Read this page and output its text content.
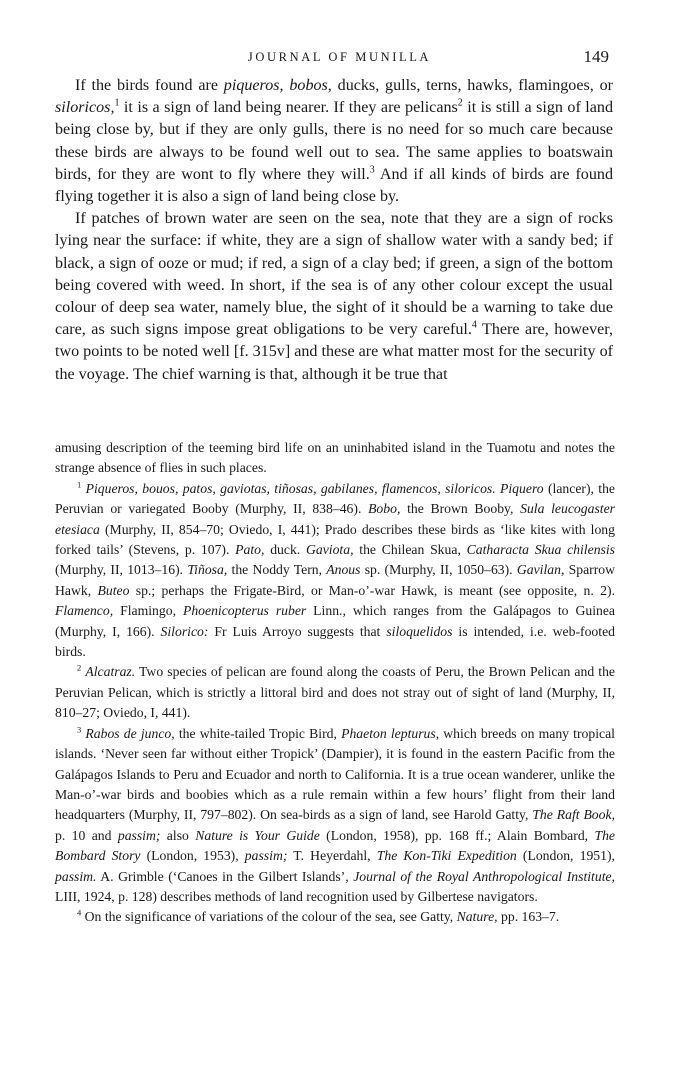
JOURNAL OF MUNILLA	149

If the birds found are piqueros, bobos, ducks, gulls, terns, hawks, flamingoes, or siloricos,$^1$ it is a sign of land being nearer. If they are pelicans$^2$ it is still a sign of land being close by, but if they are only gulls, there is no need for so much care because these birds are always to be found well out to sea. The same applies to boatswain birds, for they are wont to fly where they will.$^3$ And if all kinds of birds are found flying together it is also a sign of land being close by.

If patches of brown water are seen on the sea, note that they are a sign of rocks lying near the surface: if white, they are a sign of shallow water with a sandy bed; if black, a sign of ooze or mud; if red, a sign of a clay bed; if green, a sign of the bottom being covered with weed. In short, if the sea is of any other colour except the usual colour of deep sea water, namely blue, the sight of it should be a warning to take due care, as such signs impose great obligations to be very careful.$^4$ There are, however, two points to be noted well [f. 315v] and these are what matter most for the security of the voyage. The chief warning is that, although it be true that

amusing description of the teeming bird life on an uninhabited island in the Tuamotu and notes the strange absence of flies in such places.

$^1$ Piqueros, bouos, patos, gaviotas, tiñosas, gabilanes, flamencos, siloricos. Piquero (lancer), the Peruvian or variegated Booby (Murphy, II, 838–46). Bobo, the Brown Booby, Sula leucogaster etesiaca (Murphy, II, 854–70; Oviedo, I, 441); Prado describes these birds as ‘like kites with long forked tails’ (Stevens, p. 107). Pato, duck. Gaviota, the Chilean Skua, Catharacta Skua chilensis (Murphy, II, 1013–16). Tiñosa, the Noddy Tern, Anous sp. (Murphy, II, 1050–63). Gavilan, Sparrow Hawk, Buteo sp.; perhaps the Frigate-Bird, or Man-o’-war Hawk, is meant (see opposite, n. 2). Flamenco, Flamingo, Phoenicopterus ruber Linn., which ranges from the Galápagos to Guinea (Murphy, I, 166). Silorico: Fr Luis Arroyo suggests that siloquelidos is intended, i.e. web-footed birds.

$^2$ Alcatraz. Two species of pelican are found along the coasts of Peru, the Brown Pelican and the Peruvian Pelican, which is strictly a littoral bird and does not stray out of sight of land (Murphy, II, 810–27; Oviedo, I, 441).

$^3$ Rabos de junco, the white-tailed Tropic Bird, Phaeton lepturus, which breeds on many tropical islands. ‘Never seen far without either Tropick’ (Dampier), it is found in the eastern Pacific from the Galápagos Islands to Peru and Ecuador and north to California. It is a true ocean wanderer, unlike the Man-o’-war birds and boobies which as a rule remain within a few hours’ flight from their land headquarters (Murphy, II, 797–802). On sea-birds as a sign of land, see Harold Gatty, The Raft Book, p. 10 and passim; also Nature is Your Guide (London, 1958), pp. 168 ff.; Alain Bombard, The Bombard Story (London, 1953), passim; T. Heyerdahl, The Kon-Tiki Expedition (London, 1951), passim. A. Grimble (‘Canoes in the Gilbert Islands’, Journal of the Royal Anthropological Institute, LIII, 1924, p. 128) describes methods of land recognition used by Gilbertese navigators.

$^4$ On the significance of variations of the colour of the sea, see Gatty, Nature, pp. 163–7.
